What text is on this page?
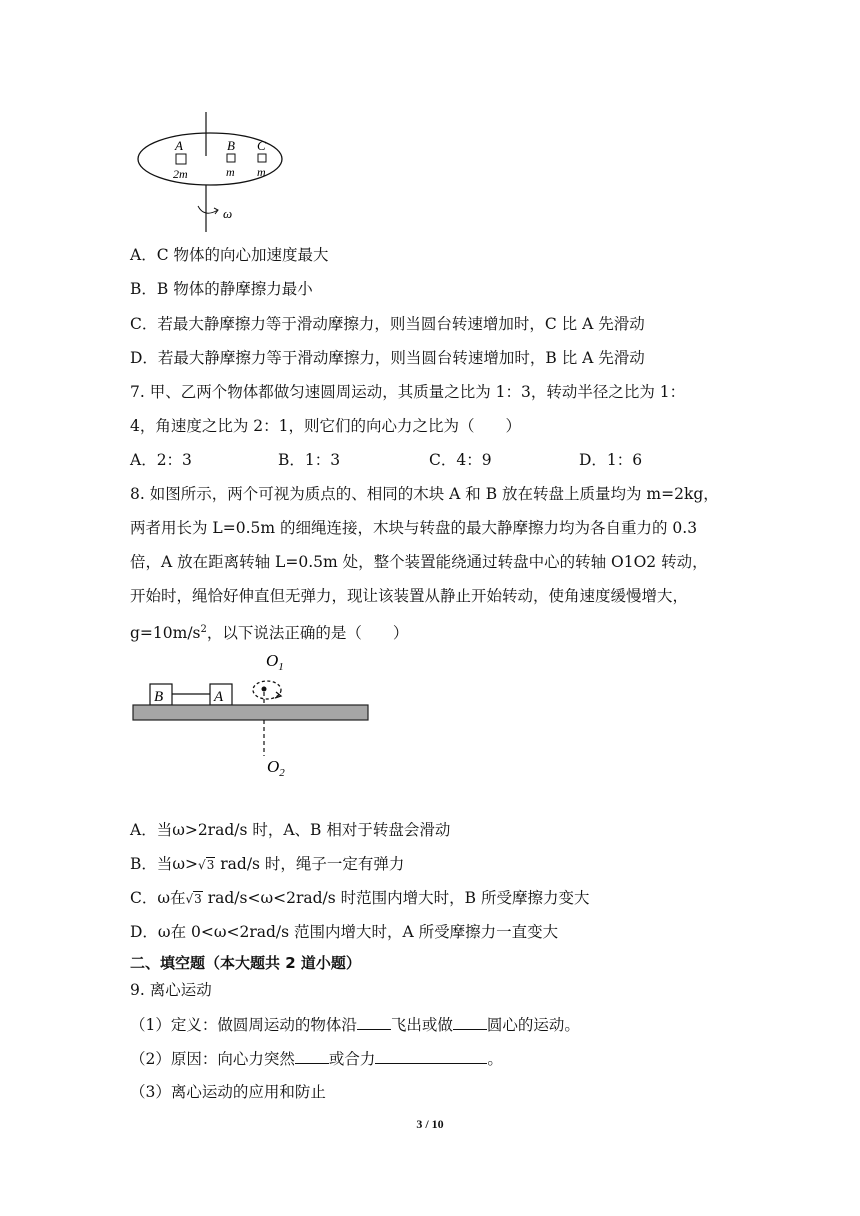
A	B C
2m	m m
ω
A．C 物体的向心加速度最大
B．B 物体的静摩擦力最小
C．若最大静摩擦力等于滑动摩擦力，则当圆台转速增加时，C 比 A 先滑动
D．若最大静摩擦力等于滑动摩擦力，则当圆台转速增加时，B 比 A 先滑动
7. 甲、乙两个物体都做匀速圆周运动，其质量之比为 1：3，转动半径之比为 1：
4，角速度之比为 2：1，则它们的向心力之比为（　　）
A．2：3	B．1：3	C．4：9	D．1：6
8. 如图所示，两个可视为质点的、相同的木块 A 和 B 放在转盘上质量均为 m=2kg，
两者用长为 L=0.5m 的细绳连接，木块与转盘的最大静摩擦力均为各自重力的 0.3
倍，A 放在距离转轴 L=0.5m 处，整个装置能绕通过转盘中心的转轴 O1O2 转动，
开始时，绳恰好伸直但无弹力，现让该装置从静止开始转动，使角速度缓慢增大，
$g=10m/s^2$，以下说法正确的是（　　）
$O_1$
B	A
$O_2$
A．当ω>2rad/s 时，A、B 相对于转盘会滑动
B．当ω>√3 rad/s 时，绳子一定有弹力
C．ω在√3 rad/s<ω<2rad/s 时范围内增大时，B 所受摩擦力变大
D．ω在 0<ω<2rad/s 范围内增大时，A 所受摩擦力一直变大
二、填空题（本大题共 2 道小题）
9. 离心运动
（1）定义：做圆周运动的物体沿 飞出或做 圆心的运动。
（2）原因：向心力突然 或合力	。
（3）离心运动的应用和防止
3 / 10
